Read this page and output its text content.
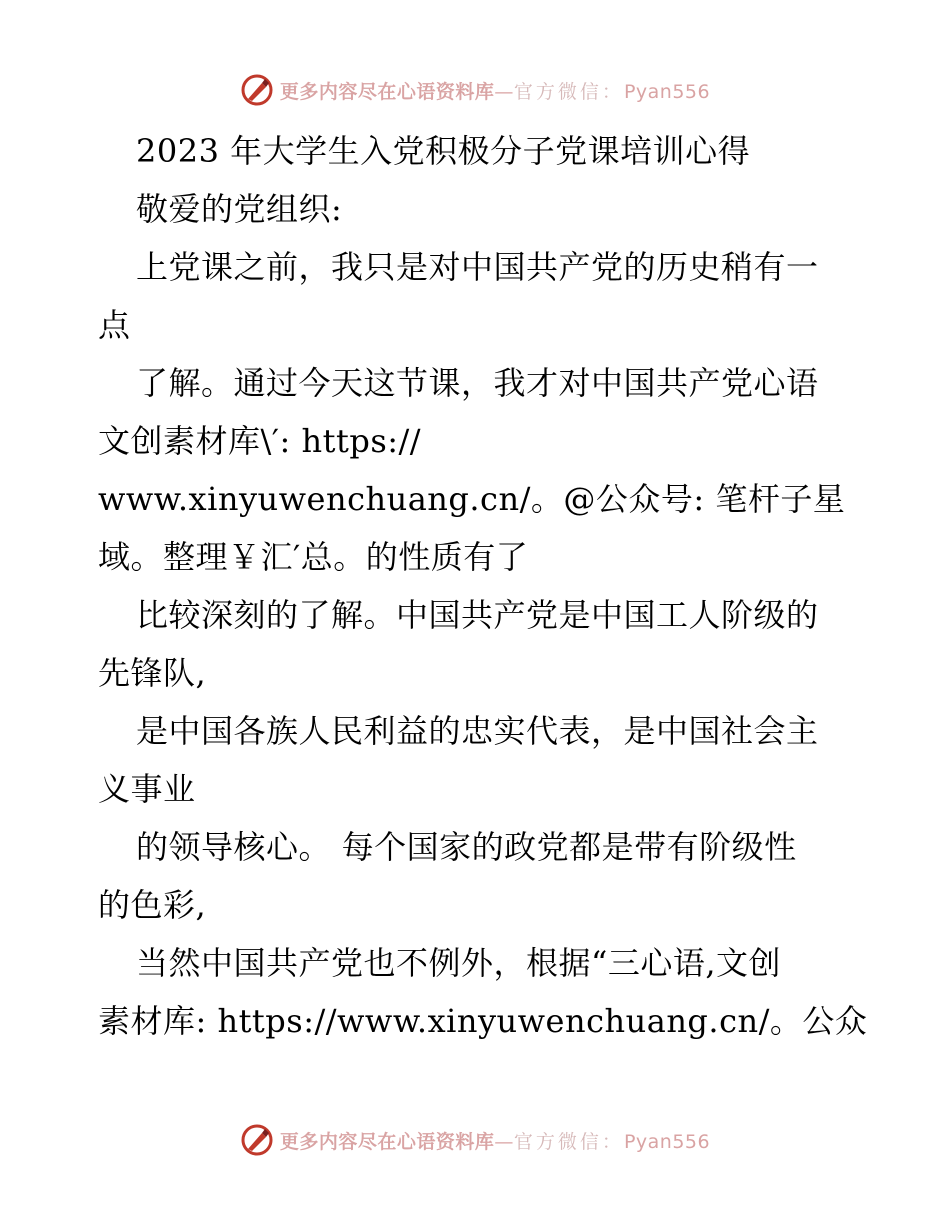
更多内容尽在心语资料库—官方微信：Pyan556
2023 年大学生入党积极分子党课培训心得
敬爱的党组织:
上党课之前，我只是对中国共产党的历史稍有一
点
了解。通过今天这节课，我才对中国共产党心语
文创素材库\′: https://
www.xinyuwenchuang.cn/。@公众号: 笔杆子星
域。整理￥汇′总。的性质有了
比较深刻的了解。中国共产党是中国工人阶级的
先锋队,
是中国各族人民利益的忠实代表，是中国社会主
义事业
的领导核心。 每个国家的政党都是带有阶级性
的色彩,
当然中国共产党也不例外，根据“三心语,文创
素材库: https://www.xinyuwenchuang.cn/。公众
更多内容尽在心语资料库—官方微信：Pyan556
